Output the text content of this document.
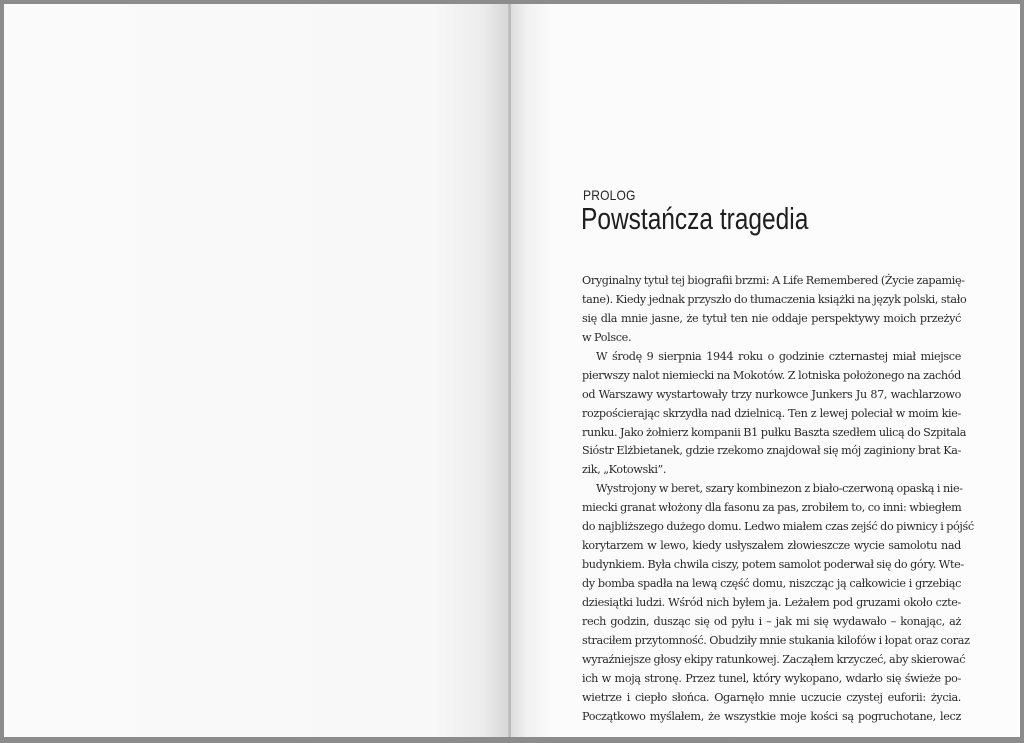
PROLOG
Powstańcza tragedia
Oryginalny tytuł tej biografii brzmi: A Life Remembered (Życie zapamię-
tane). Kiedy jednak przyszło do tłumaczenia książki na język polski, stało
się dla mnie jasne, że tytuł ten nie oddaje perspektywy moich przeżyć
w Polsce.
W środę 9 sierpnia 1944 roku o godzinie czternastej miał miejsce
pierwszy nalot niemiecki na Mokotów. Z lotniska położonego na zachód
od Warszawy wystartowały trzy nurkowce Junkers Ju 87, wachlarzowo
rozpościerając skrzydła nad dzielnicą. Ten z lewej poleciał w moim kie-
runku. Jako żołnierz kompanii B1 pułku Baszta szedłem ulicą do Szpitala
Sióstr Elżbietanek, gdzie rzekomo znajdował się mój zaginiony brat Ka-
zik, „Kotowski”.
Wystrojony w beret, szary kombinezon z biało-czerwoną opaską i nie-
miecki granat włożony dla fasonu za pas, zrobiłem to, co inni: wbiegłem
do najbliższego dużego domu. Ledwo miałem czas zejść do piwnicy i pójść
korytarzem w lewo, kiedy usłyszałem złowieszcze wycie samolotu nad
budynkiem. Była chwila ciszy, potem samolot poderwał się do góry. Wte-
dy bomba spadła na lewą część domu, niszcząc ją całkowicie i grzebiąc
dziesiątki ludzi. Wśród nich byłem ja. Leżałem pod gruzami około czte-
rech godzin, dusząc się od pyłu i – jak mi się wydawało – konając, aż
straciłem przytomność. Obudziły mnie stukania kilofów i łopat oraz coraz
wyraźniejsze głosy ekipy ratunkowej. Zacząłem krzyczeć, aby skierować
ich w moją stronę. Przez tunel, który wykopano, wdarło się świeże po-
wietrze i ciepło słońca. Ogarnęło mnie uczucie czystej euforii: życia.
Początkowo myślałem, że wszystkie moje kości są pogruchotane, lecz
